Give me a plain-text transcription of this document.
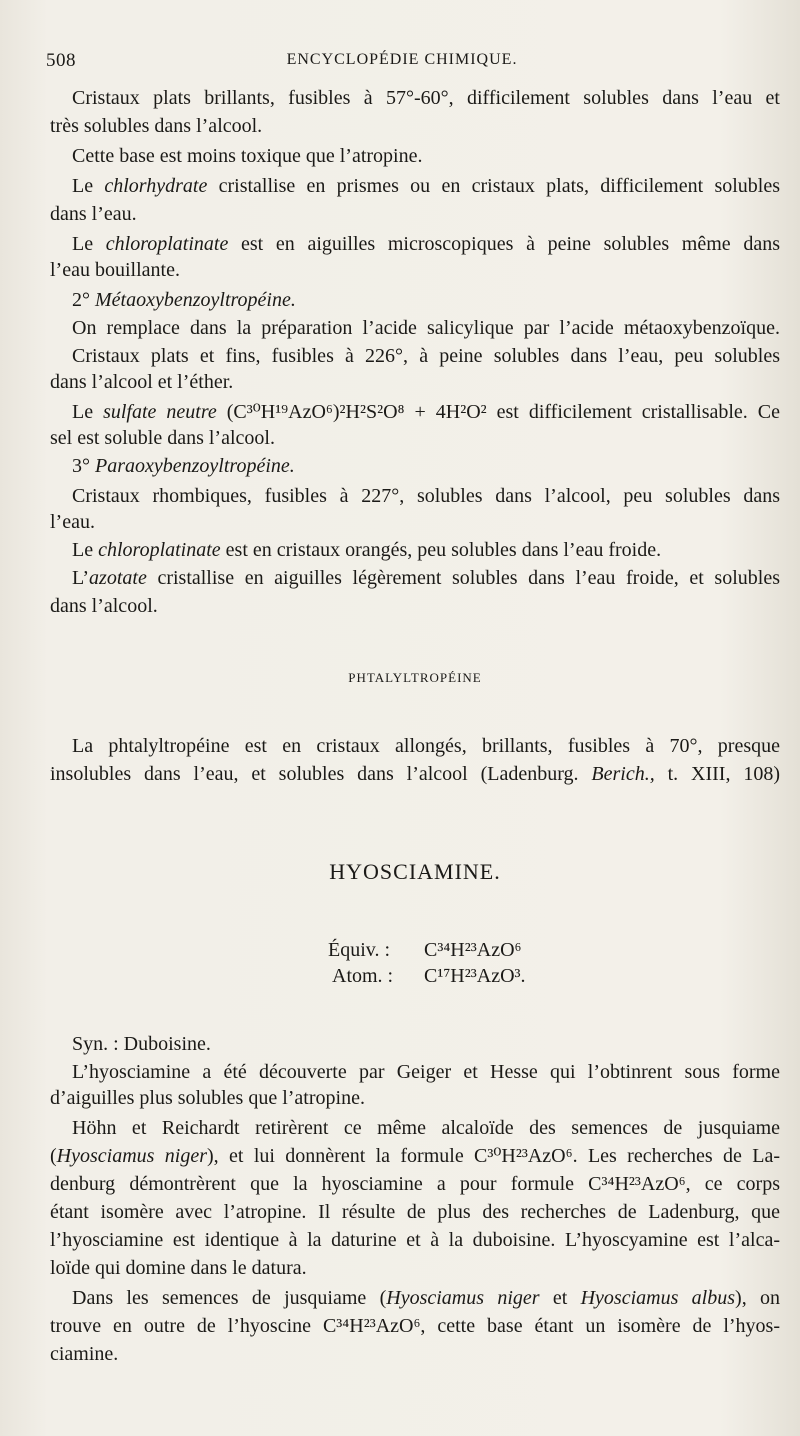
508	ENCYCLOPÉDIE CHIMIQUE.
Cristaux plats brillants, fusibles à 57°-60°, difficilement solubles dans l’eau et
très solubles dans l’alcool.
Cette base est moins toxique que l’atropine.
Le chlorhydrate cristallise en prismes ou en cristaux plats, difficilement solubles
dans l’eau.
Le chloroplatinate est en aiguilles microscopiques à peine solubles même dans
l’eau bouillante.
2° Métaoxybenzoyltropéine.
On remplace dans la préparation l’acide salicylique par l’acide métaoxybenzoïque.
Cristaux plats et fins, fusibles à 226°, à peine solubles dans l’eau, peu solubles
dans l’alcool et l’éther.
Le sulfate neutre (C³⁰H¹⁹AzO⁶)²H²S²O⁸ + 4H²O² est difficilement cristallisable. Ce
sel est soluble dans l’alcool.
3° Paraoxybenzoyltropéine.
Cristaux rhombiques, fusibles à 227°, solubles dans l’alcool, peu solubles dans
l’eau.
Le chloroplatinate est en cristaux orangés, peu solubles dans l’eau froide.
L’azotate cristallise en aiguilles légèrement solubles dans l’eau froide, et solubles
dans l’alcool.
PHTALYLTROPÉINE
La phtalyltropéine est en cristaux allongés, brillants, fusibles à 70°, presque
insolubles dans l’eau, et solubles dans l’alcool (Ladenburg. Berich., t. XIII, 108)
HYOSCIAMINE.
Équiv. : C³⁴H²³AzO⁶
Atom. : C¹⁷H²³AzO³.
Syn. : Duboisine.
L’hyosciamine a été découverte par Geiger et Hesse qui l’obtinrent sous forme
d’aiguilles plus solubles que l’atropine.
Höhn et Reichardt retirèrent ce même alcaloïde des semences de jusquiame
(Hyosciamus niger), et lui donnèrent la formule C³⁰H²³AzO⁶. Les recherches de La-
denburg démontrèrent que la hyosciamine a pour formule C³⁴H²³AzO⁶, ce corps
étant isomère avec l’atropine. Il résulte de plus des recherches de Ladenburg, que
l’hyosciamine est identique à la daturine et à la duboisine. L’hyoscyamine est l’alca-
loïde qui domine dans le datura.
Dans les semences de jusquiame (Hyosciamus niger et Hyosciamus albus), on
trouve en outre de l’hyoscine C³⁴H²³AzO⁶, cette base étant un isomère de l’hyos-
ciamine.
